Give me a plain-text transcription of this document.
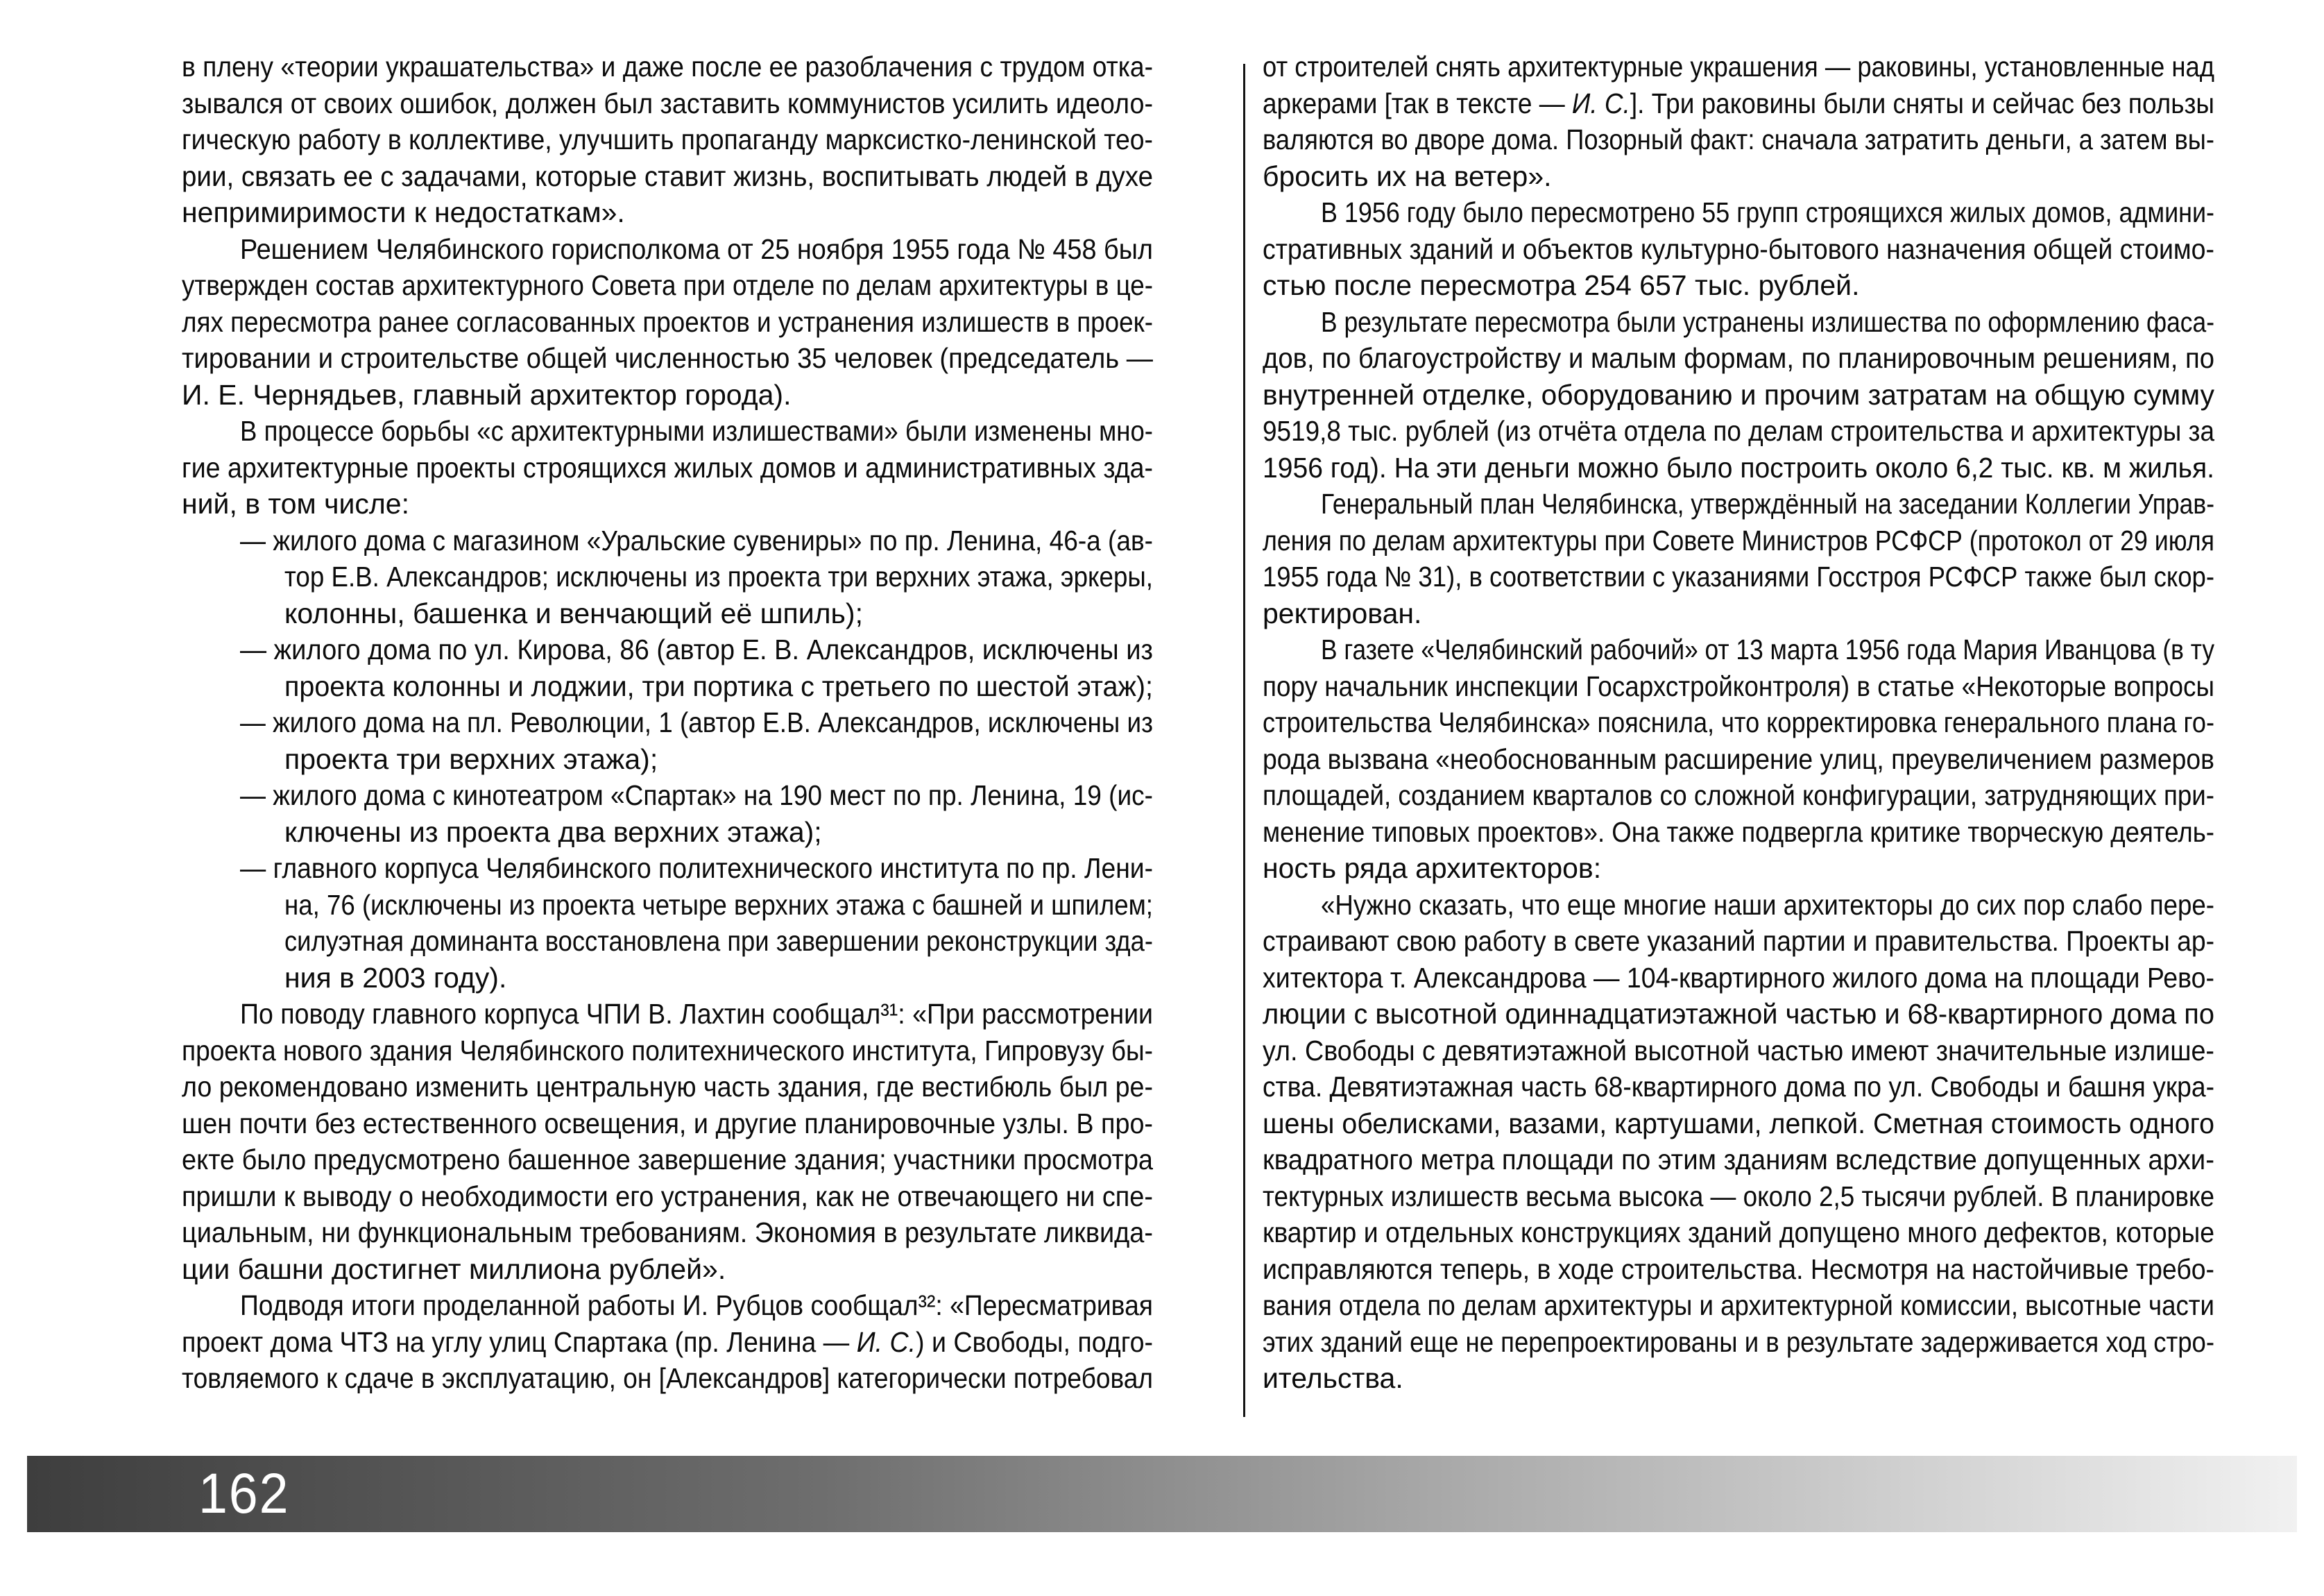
в плену «теории украшательства» и даже после ее разоблачения с трудом отка-
зывался от своих ошибок, должен был заставить коммунистов усилить идеоло-
гическую работу в коллективе, улучшить пропаганду марксистко-ленинской тео-
рии, связать ее с задачами, которые ставит жизнь, воспитывать людей в духе
непримиримости к недостаткам».
Решением Челябинского горисполкома от 25 ноября 1955 года № 458 был
утвержден состав архитектурного Совета при отделе по делам архитектуры в це-
лях пересмотра ранее согласованных проектов и устранения излишеств в проек-
тировании и строительстве общей численностью 35 человек (председатель —
И. Е. Чернядьев, главный архитектор города).
В процессе борьбы «с архитектурными излишествами» были изменены мно-
гие архитектурные проекты строящихся жилых домов и административных зда-
ний, в том числе:
— жилого дома с магазином «Уральские сувениры» по пр. Ленина, 46-а (ав-
тор Е.В. Александров; исключены из проекта три верхних этажа, эркеры,
колонны, башенка и венчающий её шпиль);
— жилого дома по ул. Кирова, 86 (автор Е. В. Александров, исключены из
проекта колонны и лоджии, три портика с третьего по шестой этаж);
— жилого дома на пл. Революции, 1 (автор Е.В. Александров, исключены из
проекта три верхних этажа);
— жилого дома с кинотеатром «Спартак» на 190 мест по пр. Ленина, 19 (ис-
ключены из проекта два верхних этажа);
— главного корпуса Челябинского политехнического института по пр. Лени-
на, 76 (исключены из проекта четыре верхних этажа с башней и шпилем;
силуэтная доминанта восстановлена при завершении реконструкции зда-
ния в 2003 году).
По поводу главного корпуса ЧПИ В. Лахтин сообщал³¹: «При рассмотрении
проекта нового здания Челябинского политехнического института, Гипровузу бы-
ло рекомендовано изменить центральную часть здания, где вестибюль был ре-
шен почти без естественного освещения, и другие планировочные узлы. В про-
екте было предусмотрено башенное завершение здания; участники просмотра
пришли к выводу о необходимости его устранения, как не отвечающего ни спе-
циальным, ни функциональным требованиям. Экономия в результате ликвида-
ции башни достигнет миллиона рублей».
Подводя итоги проделанной работы И. Рубцов сообщал³²: «Пересматривая
проект дома ЧТЗ на углу улиц Спартака (пр. Ленина — И. С.) и Свободы, подго-
товляемого к сдаче в эксплуатацию, он [Александров] категорически потребовал
от строителей снять архитектурные украшения — раковины, установленные над
аркерами [так в тексте — И. С.]. Три раковины были сняты и сейчас без пользы
валяются во дворе дома. Позорный факт: сначала затратить деньги, а затем вы-
бросить их на ветер».
В 1956 году было пересмотрено 55 групп строящихся жилых домов, админи-
стративных зданий и объектов культурно-бытового назначения общей стоимо-
стью после пересмотра 254 657 тыс. рублей.
В результате пересмотра были устранены излишества по оформлению фаса-
дов, по благоустройству и малым формам, по планировочным решениям, по
внутренней отделке, оборудованию и прочим затратам на общую сумму
9519,8 тыс. рублей (из отчёта отдела по делам строительства и архитектуры за
1956 год). На эти деньги можно было построить около 6,2 тыс. кв. м жилья.
Генеральный план Челябинска, утверждённый на заседании Коллегии Управ-
ления по делам архитектуры при Совете Министров РСФСР (протокол от 29 июля
1955 года № 31), в соответствии с указаниями Госстроя РСФСР также был скор-
ректирован.
В газете «Челябинский рабочий» от 13 марта 1956 года Мария Иванцова (в ту
пору начальник инспекции Госархстройконтроля) в статье «Некоторые вопросы
строительства Челябинска» пояснила, что корректировка генерального плана го-
рода вызвана «необоснованным расширение улиц, преувеличением размеров
площадей, созданием кварталов со сложной конфигурации, затрудняющих при-
менение типовых проектов». Она также подвергла критике творческую деятель-
ность ряда архитекторов:
«Нужно сказать, что еще многие наши архитекторы до сих пор слабо пере-
страивают свою работу в свете указаний партии и правительства. Проекты ар-
хитектора т. Александрова — 104-квартирного жилого дома на площади Рево-
люции с высотной одиннадцатиэтажной частью и 68-квартирного дома по
ул. Свободы с девятиэтажной высотной частью имеют значительные излише-
ства. Девятиэтажная часть 68-квартирного дома по ул. Свободы и башня укра-
шены обелисками, вазами, картушами, лепкой. Сметная стоимость одного
квадратного метра площади по этим зданиям вследствие допущенных архи-
тектурных излишеств весьма высока — около 2,5 тысячи рублей. В планировке
квартир и отдельных конструкциях зданий допущено много дефектов, которые
исправляются теперь, в ходе строительства. Несмотря на настойчивые требо-
вания отдела по делам архитектуры и архитектурной комиссии, высотные части
этих зданий еще не перепроектированы и в результате задерживается ход стро-
ительства.
162
